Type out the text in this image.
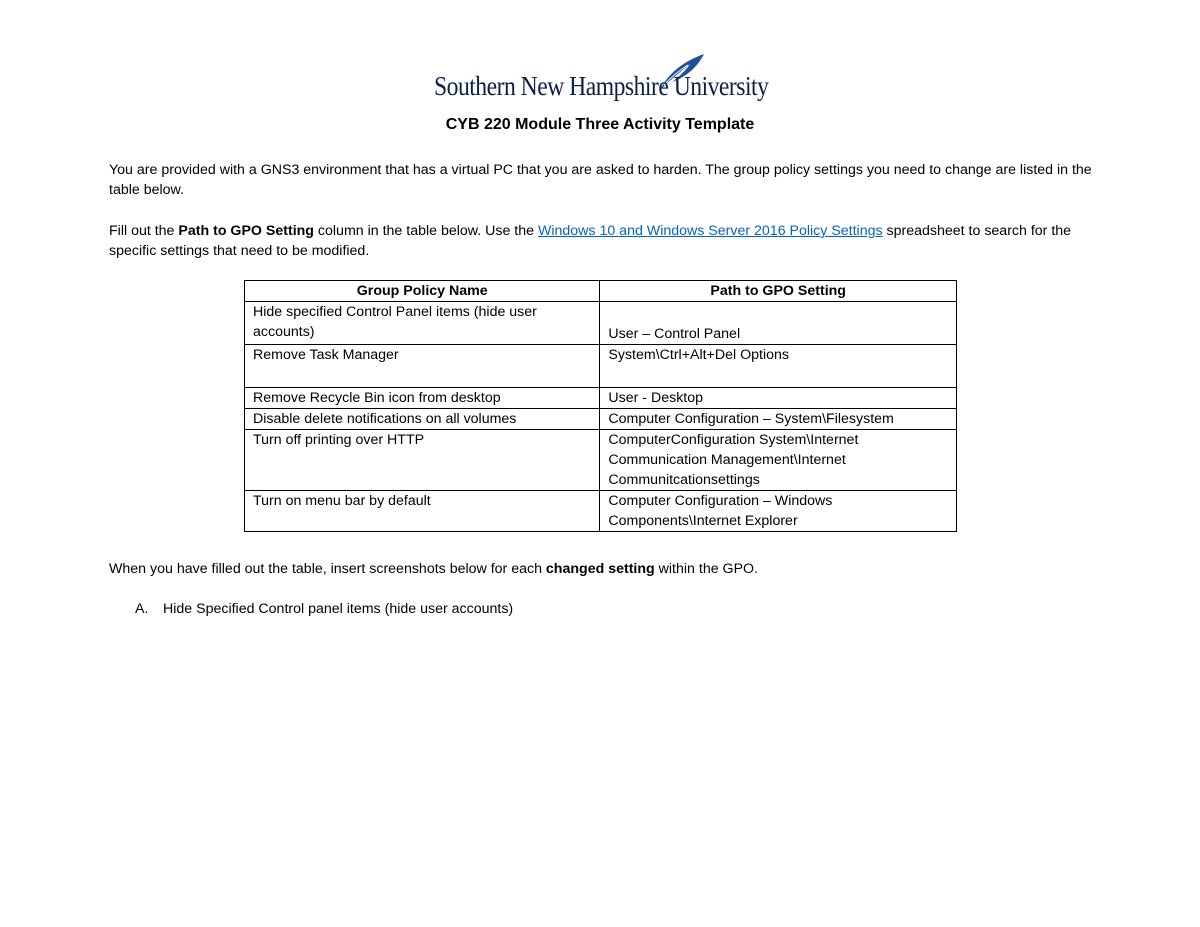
Southern New Hampshire University
CYB 220 Module Three Activity Template
You are provided with a GNS3 environment that has a virtual PC that you are asked to harden. The group policy settings you need to change are listed in the table below.
Fill out the Path to GPO Setting column in the table below. Use the Windows 10 and Windows Server 2016 Policy Settings spreadsheet to search for the specific settings that need to be modified.
Group Policy Name	Path to GPO Setting
Hide specified Control Panel items (hide user accounts)	User – Control Panel
Remove Task Manager	System\Ctrl+Alt+Del Options
Remove Recycle Bin icon from desktop	User - Desktop
Disable delete notifications on all volumes	Computer Configuration – System\Filesystem
Turn off printing over HTTP	ComputerConfiguration System\Internet Communication Management\Internet Communitcationsettings
Turn on menu bar by default	Computer Configuration – Windows Components\Internet Explorer
When you have filled out the table, insert screenshots below for each changed setting within the GPO.
A. Hide Specified Control panel items (hide user accounts)
